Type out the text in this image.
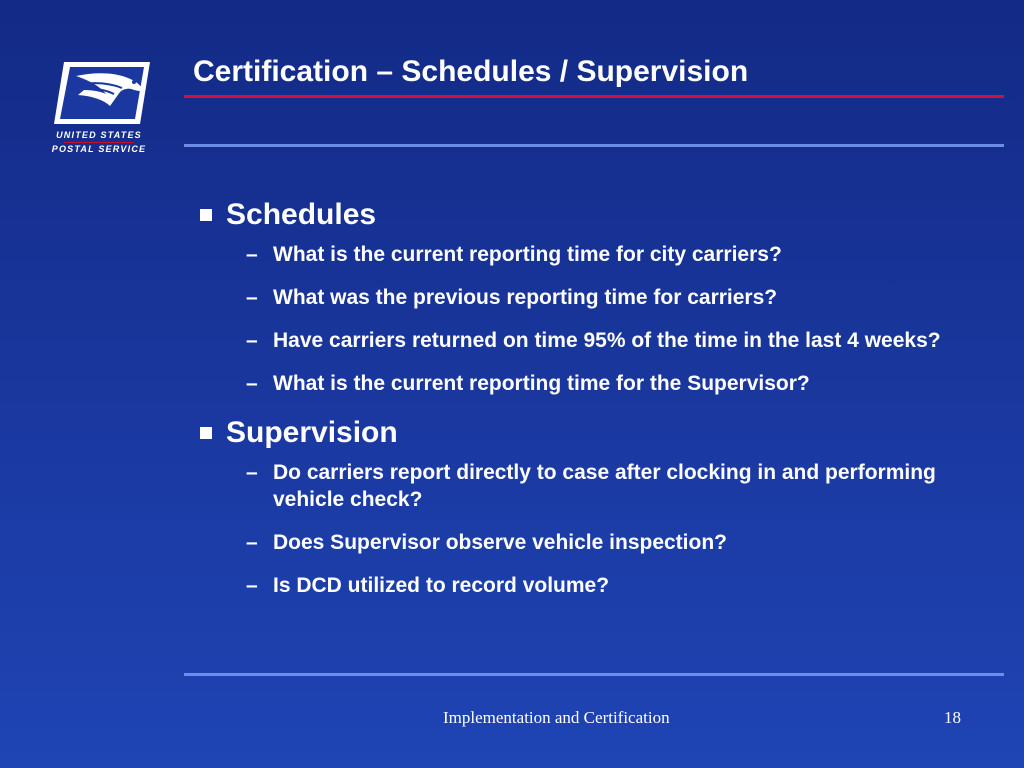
UNITED STATES
POSTAL SERVICE
Certification – Schedules / Supervision
Schedules
– What is the current reporting time for city carriers?
– What was the previous reporting time for carriers?
– Have carriers returned on time 95% of the time in the last 4 weeks?
– What is the current reporting time for the Supervisor?
Supervision
– Do carriers report directly to case after clocking in and performing vehicle check?
– Does Supervisor observe vehicle inspection?
– Is DCD utilized to record volume?
Implementation and Certification	18
